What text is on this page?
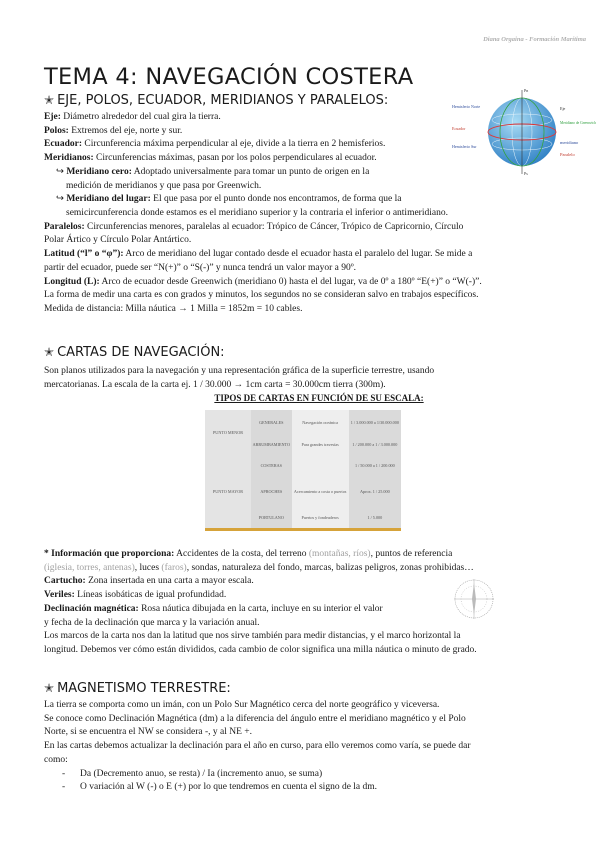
Diana Orgaina - Formación Marítima
TEMA 4: NAVEGACIÓN COSTERA

✭ EJE, POLOS, ECUADOR, MERIDIANOS Y PARALELOS:

Eje: Diámetro alrededor del cual gira la tierra.

Polos: Extremos del eje, norte y sur.

Ecuador: Circunferencia máxima perpendicular al eje, divide a la tierra en 2 hemisferios.

Meridianos: Circunferencias máximas, pasan por los polos perpendiculares al ecuador.

↪ Meridiano cero: Adoptado universalmente para tomar un punto de origen en la

medición de meridianos y que pasa por Greenwich.

↪ Meridiano del lugar: El que pasa por el punto donde nos encontramos, de forma que la

semicircunferencia donde estamos es el meridiano superior y la contraria el inferior o antimeridiano.

Paralelos: Circunferencias menores, paralelas al ecuador: Trópico de Cáncer, Trópico de Capricornio, Círculo

Polar Ártico y Círculo Polar Antártico.

Latitud (“l” o “φ”): Arco de meridiano del lugar contado desde el ecuador hasta el paralelo del lugar. Se mide a

partir del ecuador, puede ser “N(+)” o “S(-)” y nunca tendrá un valor mayor a 90º.

Longitud (L): Arco de ecuador desde Greenwich (meridiano 0) hasta el del lugar, va de 0º a 180º “E(+)” o “W(-)”.

La forma de medir una carta es con grados y minutos, los segundos no se consideran salvo en trabajos específicos.

Medida de distancia: Milla náutica → 1 Milla = 1852m = 10 cables.

Hemisferio Norte
Ecuador
Hemisferio Sur
meridiano
Paralelo
Meridiano de Greenwich
Pn
Ps
Eje

✭ CARTAS DE NAVEGACIÓN:

Son planos utilizados para la navegación y una representación gráfica de la superficie terrestre, usando

mercatorianas. La escala de la carta ej. 1 / 30.000 → 1cm carta = 30.000cm tierra (300m).

TIPOS DE CARTAS EN FUNCIÓN DE SU ESCALA:

PUNTO MENOR	GENERALES	Navegación oceánica	1 / 3.000.000 a 1/30.000.000
	ARRUMBAMIENTO	Para grandes travesías	1 / 200.000 a 1 / 3.000.000
PUNTO MAYOR	COSTERAS		1 / 50.000 a 1 / 200.000
	APROCHES	Acercamiento a costa o puertos	Aprox. 1 / 25.000
	PORTULANO	Puertos y fondeaderos	1 / 5.000

* Información que proporciona: Accidentes de la costa, del terreno (montañas, ríos), puntos de referencia

(iglesia, torres, antenas), luces (faros), sondas, naturaleza del fondo, marcas, balizas peligros, zonas prohibidas…

Cartucho: Zona insertada en una carta a mayor escala.

Veriles: Líneas isobáticas de igual profundidad.

Declinación magnética: Rosa náutica dibujada en la carta, incluye en su interior el valor

y fecha de la declinación que marca y la variación anual.

Los marcos de la carta nos dan la latitud que nos sirve también para medir distancias, y el marco horizontal la

longitud. Debemos ver cómo están divididos, cada cambio de color significa una milla náutica o minuto de grado.

✭ MAGNETISMO TERRESTRE:

La tierra se comporta como un imán, con un Polo Sur Magnético cerca del norte geográfico y viceversa.

Se conoce como Declinación Magnética (dm) a la diferencia del ángulo entre el meridiano magnético y el Polo

Norte, si se encuentra el NW se considera -, y al NE +.

En las cartas debemos actualizar la declinación para el año en curso, para ello veremos como varía, se puede dar

como:

- Da (Decremento anuo, se resta) / Ia (incremento anuo, se suma)
- O variación al W (-) o E (+) por lo que tendremos en cuenta el signo de la dm.
